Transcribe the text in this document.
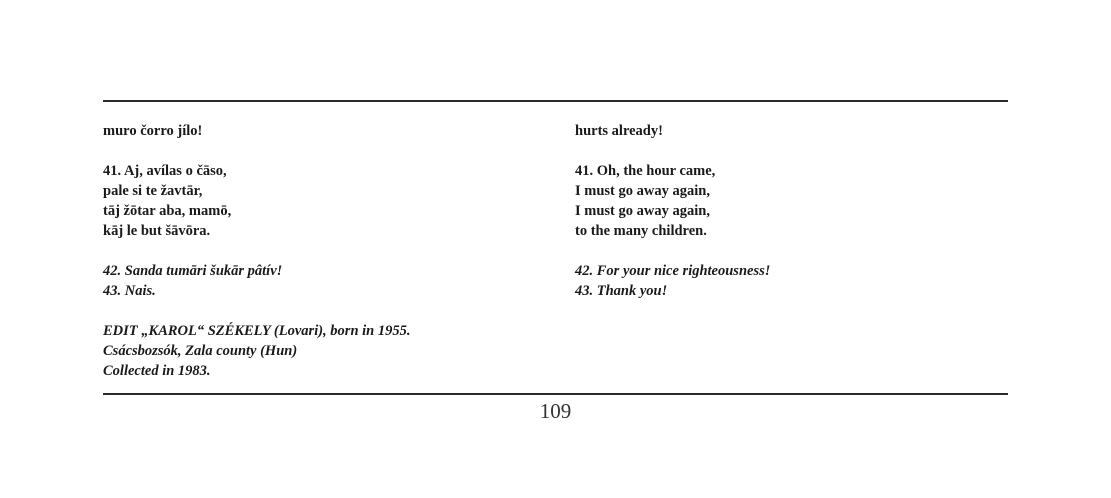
muro čorro jílo!
41. Aj, avílas o čāso,
pale si te žavtār,
tāj žōtar aba, mamō,
kāj le but šāvōra.
42. Sanda tumāri šukār pâtív!
43. Nais.
EDIT „KAROL“ SZÉKELY (Lovari), born in 1955.
Csácsbozsók, Zala county (Hun)
Collected in 1983.
hurts already!
41. Oh, the hour came,
I must go away again,
I must go away again,
to the many children.
42. For your nice righteousness!
43. Thank you!
109
